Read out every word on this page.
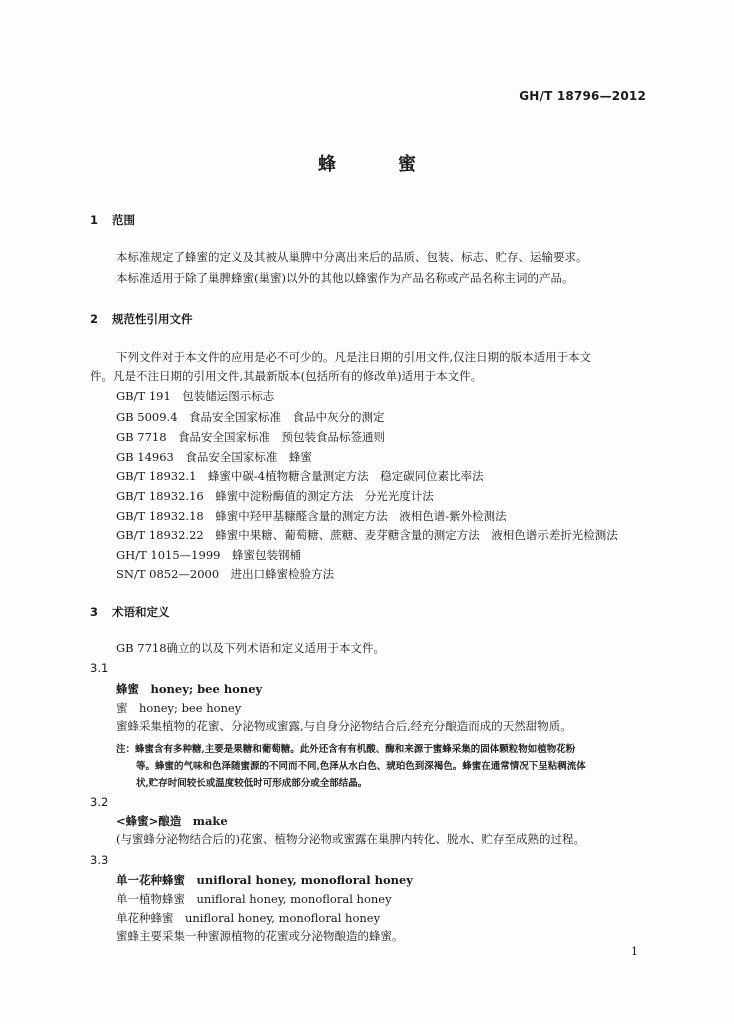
GH/T 18796—2012
蜂	蜜
1 范围
本标准规定了蜂蜜的定义及其被从巢脾中分离出来后的品质、包装、标志、贮存、运输要求。
本标准适用于除了巢脾蜂蜜(巢蜜)以外的其他以蜂蜜作为产品名称或产品名称主词的产品。
2 规范性引用文件
下列文件对于本文件的应用是必不可少的。凡是注日期的引用文件,仅注日期的版本适用于本文
件。凡是不注日期的引用文件,其最新版本(包括所有的修改单)适用于本文件。
GB/T 191　包装储运图示标志
GB 5009.4　食品安全国家标准　食品中灰分的测定
GB 7718　食品安全国家标准　预包装食品标签通则
GB 14963　食品安全国家标准　蜂蜜
GB/T 18932.1　蜂蜜中碳-4植物糖含量测定方法　稳定碳同位素比率法
GB/T 18932.16　蜂蜜中淀粉酶值的测定方法　分光光度计法
GB/T 18932.18　蜂蜜中羟甲基糠醛含量的测定方法　液相色谱-紫外检测法
GB/T 18932.22　蜂蜜中果糖、葡萄糖、蔗糖、麦芽糖含量的测定方法　液相色谱示差折光检测法
GH/T 1015—1999　蜂蜜包装钢桶
SN/T 0852—2000　进出口蜂蜜检验方法
3 术语和定义
GB 7718确立的以及下列术语和定义适用于本文件。
3.1
蜂蜜　honey; bee honey
蜜　honey; bee honey
蜜蜂采集植物的花蜜、分泌物或蜜露,与自身分泌物结合后,经充分酿造而成的天然甜物质。
注：蜂蜜含有多种糖,主要是果糖和葡萄糖。此外还含有有机酸、酶和来源于蜜蜂采集的固体颗粒物如植物花粉
等。蜂蜜的气味和色泽随蜜源的不同而不同,色泽从水白色、琥珀色到深褐色。蜂蜜在通常情况下呈粘稠流体
状,贮存时间较长或温度较低时可形成部分或全部结晶。
3.2
<蜂蜜>酿造　make
(与蜜蜂分泌物结合后的)花蜜、植物分泌物或蜜露在巢脾内转化、脱水、贮存至成熟的过程。
3.3
单一花种蜂蜜　unifloral honey, monofloral honey
单一植物蜂蜜　unifloral honey, monofloral honey
单花种蜂蜜　unifloral honey, monofloral honey
蜜蜂主要采集一种蜜源植物的花蜜或分泌物酿造的蜂蜜。
1
